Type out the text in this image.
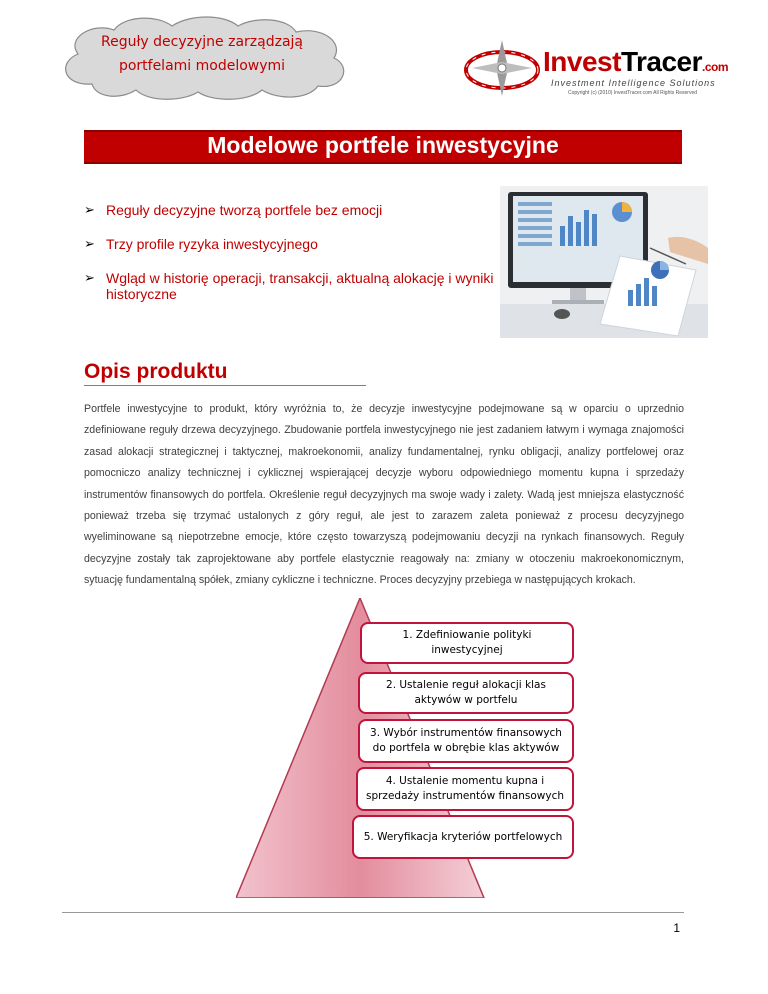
Reguły decyzyjne zarządzają
portfelami modelowymi	InvestTracer.com
Investment Intelligence Solutions
Copyright (c) (2010) InvestTracer.com All Rights Reserved
Modelowe portfele inwestycyjne
➢ Reguły decyzyjne tworzą portfele bez emocji
➢ Trzy profile ryzyka inwestycyjnego
➢ Wgląd w historię operacji, transakcji, aktualną alokację i wyniki historyczne
Opis produktu
Portfele inwestycyjne to produkt, który wyróżnia to, że decyzje inwestycyjne podejmowane są w oparciu o uprzednio zdefiniowane reguły drzewa decyzyjnego. Zbudowanie portfela inwestycyjnego nie jest zadaniem łatwym i wymaga znajomości zasad alokacji strategicznej i taktycznej, makroekonomii, analizy fundamentalnej, rynku obligacji, analizy portfelowej oraz pomocniczo analizy technicznej i cyklicznej wspierającej decyzje wyboru odpowiedniego momentu kupna i sprzedaży instrumentów finansowych do portfela. Określenie reguł decyzyjnych ma swoje wady i zalety. Wadą jest mniejsza elastyczność ponieważ trzeba się trzymać ustalonych z góry reguł, ale jest to zarazem zaleta ponieważ z procesu decyzyjnego wyeliminowane są niepotrzebne emocje, które często towarzyszą podejmowaniu decyzji na rynkach finansowych. Reguły decyzyjne zostały tak zaprojektowane aby portfele elastycznie reagowały na: zmiany w otoczeniu makroekonomicznym, sytuację fundamentalną spółek, zmiany cykliczne i techniczne. Proces decyzyjny przebiega w następujących krokach.
1. Zdefiniowanie polityki
inwestycyjnej
2. Ustalenie reguł alokacji klas
aktywów w portfelu
3. Wybór instrumentów finansowych
do portfela w obrębie klas aktywów
4. Ustalenie momentu kupna i
sprzedaży instrumentów finansowych
5. Weryfikacja kryteriów portfelowych
1
